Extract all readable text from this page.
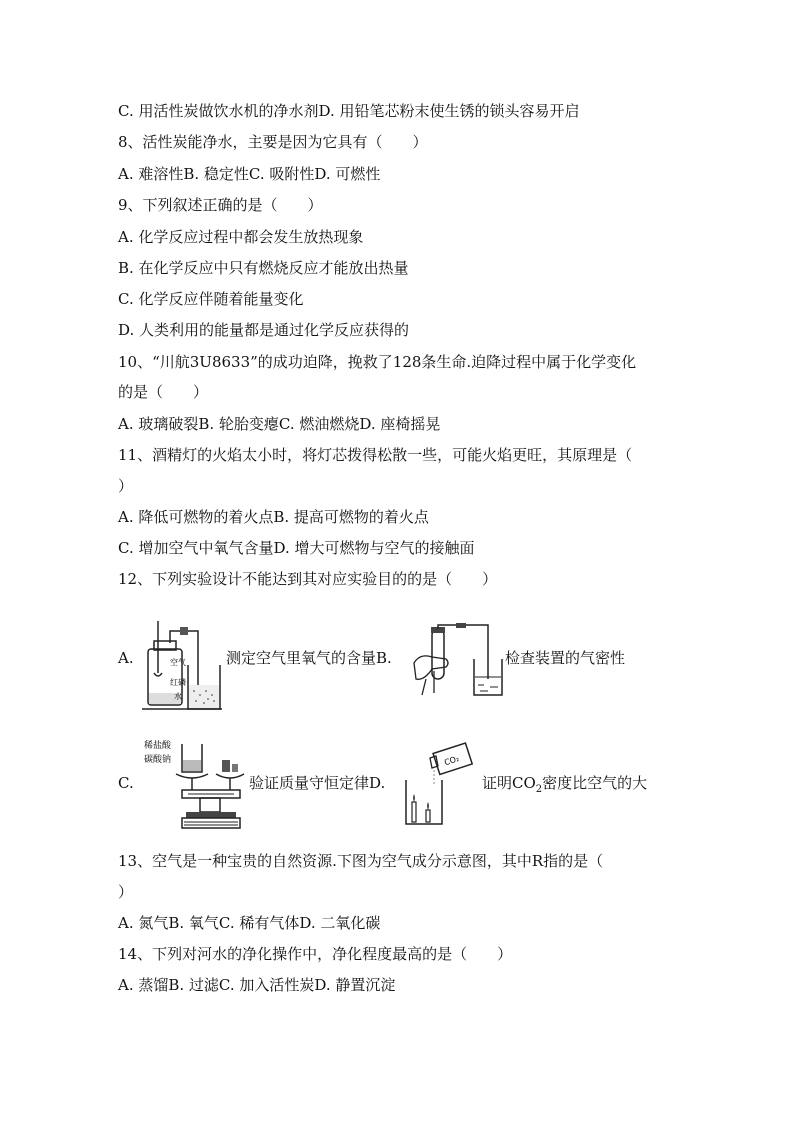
C. 用活性炭做饮水机的净水剂D. 用铅笔芯粉末使生锈的锁头容易开启
8、活性炭能净水，主要是因为它具有（　　）
A. 难溶性B. 稳定性C. 吸附性D. 可燃性
9、下列叙述正确的是（　　）
A. 化学反应过程中都会发生放热现象
B. 在化学反应中只有燃烧反应才能放出热量
C. 化学反应伴随着能量变化
D. 人类利用的能量都是通过化学反应获得的
10、“川航3U8633”的成功迫降，挽救了128条生命.迫降过程中属于化学变化
的是（　　）
A. 玻璃破裂B. 轮胎变瘪C. 燃油燃烧D. 座椅摇晃
11、酒精灯的火焰太小时，将灯芯拨得松散一些，可能火焰更旺，其原理是（
）
A. 降低可燃物的着火点B. 提高可燃物的着火点
C. 增加空气中氧气含量D. 增大可燃物与空气的接触面
12、下列实验设计不能达到其对应实验目的的是（　　）
A.	空气
红磷
水
测定空气里氧气的含量B.	检查装置的气密性
C.
稀盐酸
碳酸钠
验证质量守恒定律D.
CO₂
证明$CO_2$密度比空气的大
13、空气是一种宝贵的自然资源.下图为空气成分示意图，其中R指的是（
）
A. 氮气B. 氧气C. 稀有气体D. 二氧化碳
14、下列对河水的净化操作中，净化程度最高的是（　　）
A. 蒸馏B. 过滤C. 加入活性炭D. 静置沉淀
